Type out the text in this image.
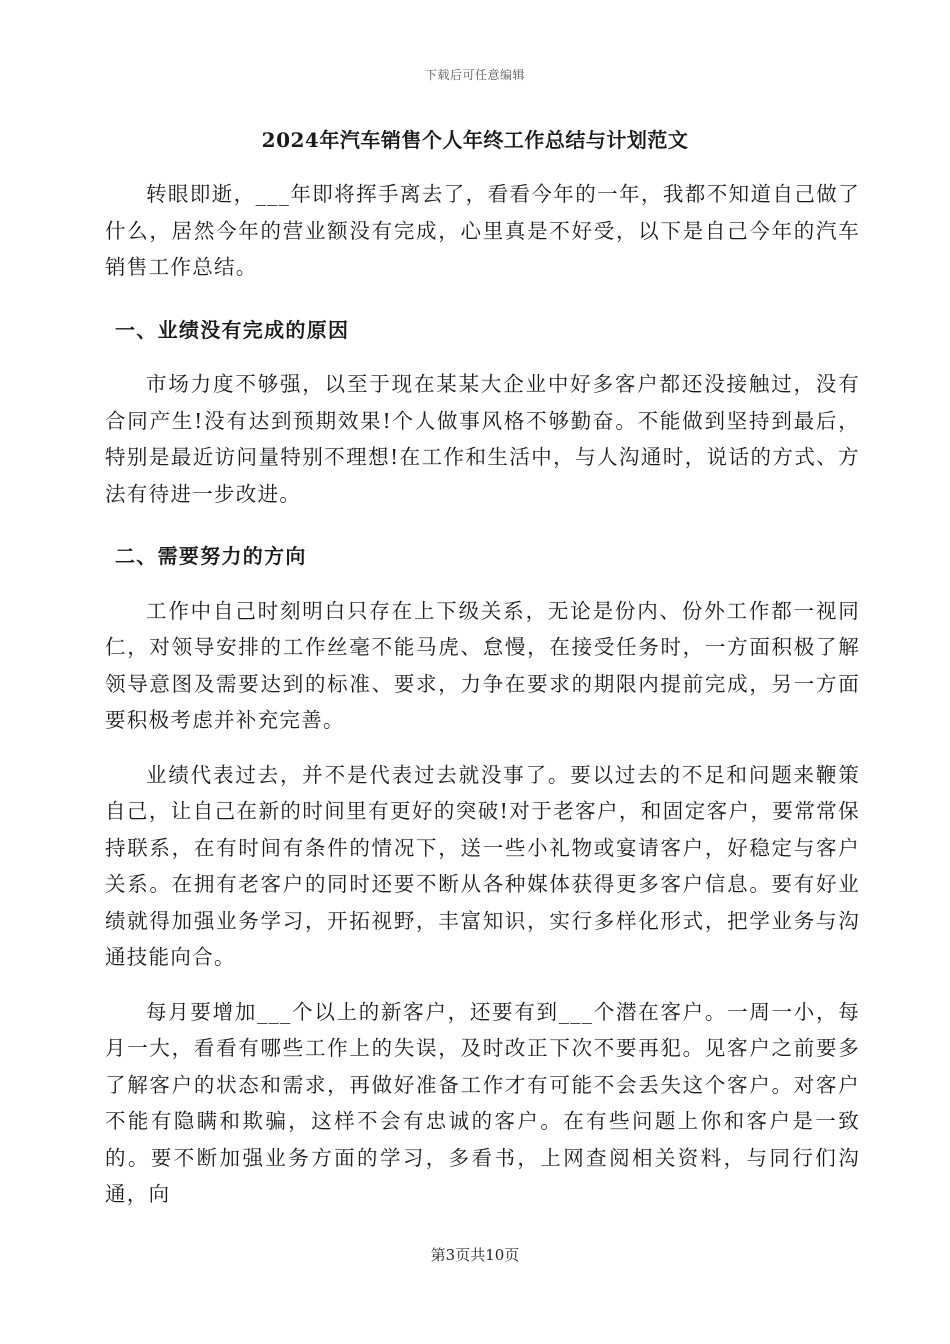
下载后可任意编辑
2024年汽车销售个人年终工作总结与计划范文

转眼即逝，___年即将挥手离去了，看看今年的一年，我都不知道自己做了什么，居然今年的营业额没有完成，心里真是不好受，以下是自己今年的汽车销售工作总结。

一、业绩没有完成的原因

市场力度不够强，以至于现在某某大企业中好多客户都还没接触过，没有合同产生!没有达到预期效果!个人做事风格不够勤奋。不能做到坚持到最后，特别是最近访问量特别不理想!在工作和生活中，与人沟通时，说话的方式、方法有待进一步改进。

二、需要努力的方向

工作中自己时刻明白只存在上下级关系，无论是份内、份外工作都一视同仁，对领导安排的工作丝毫不能马虎、怠慢，在接受任务时，一方面积极了解领导意图及需要达到的标准、要求，力争在要求的期限内提前完成，另一方面要积极考虑并补充完善。

业绩代表过去，并不是代表过去就没事了。要以过去的不足和问题来鞭策自己，让自己在新的时间里有更好的突破!对于老客户，和固定客户，要常常保持联系，在有时间有条件的情况下，送一些小礼物或宴请客户，好稳定与客户关系。在拥有老客户的同时还要不断从各种媒体获得更多客户信息。要有好业绩就得加强业务学习，开拓视野，丰富知识，实行多样化形式，把学业务与沟通技能向合。

每月要增加___个以上的新客户，还要有到___个潜在客户。一周一小，每月一大，看看有哪些工作上的失误，及时改正下次不要再犯。见客户之前要多了解客户的状态和需求，再做好准备工作才有可能不会丢失这个客户。对客户不能有隐瞒和欺骗，这样不会有忠诚的客户。在有些问题上你和客户是一致的。要不断加强业务方面的学习，多看书，上网查阅相关资料，与同行们沟通，向

第3页共10页
